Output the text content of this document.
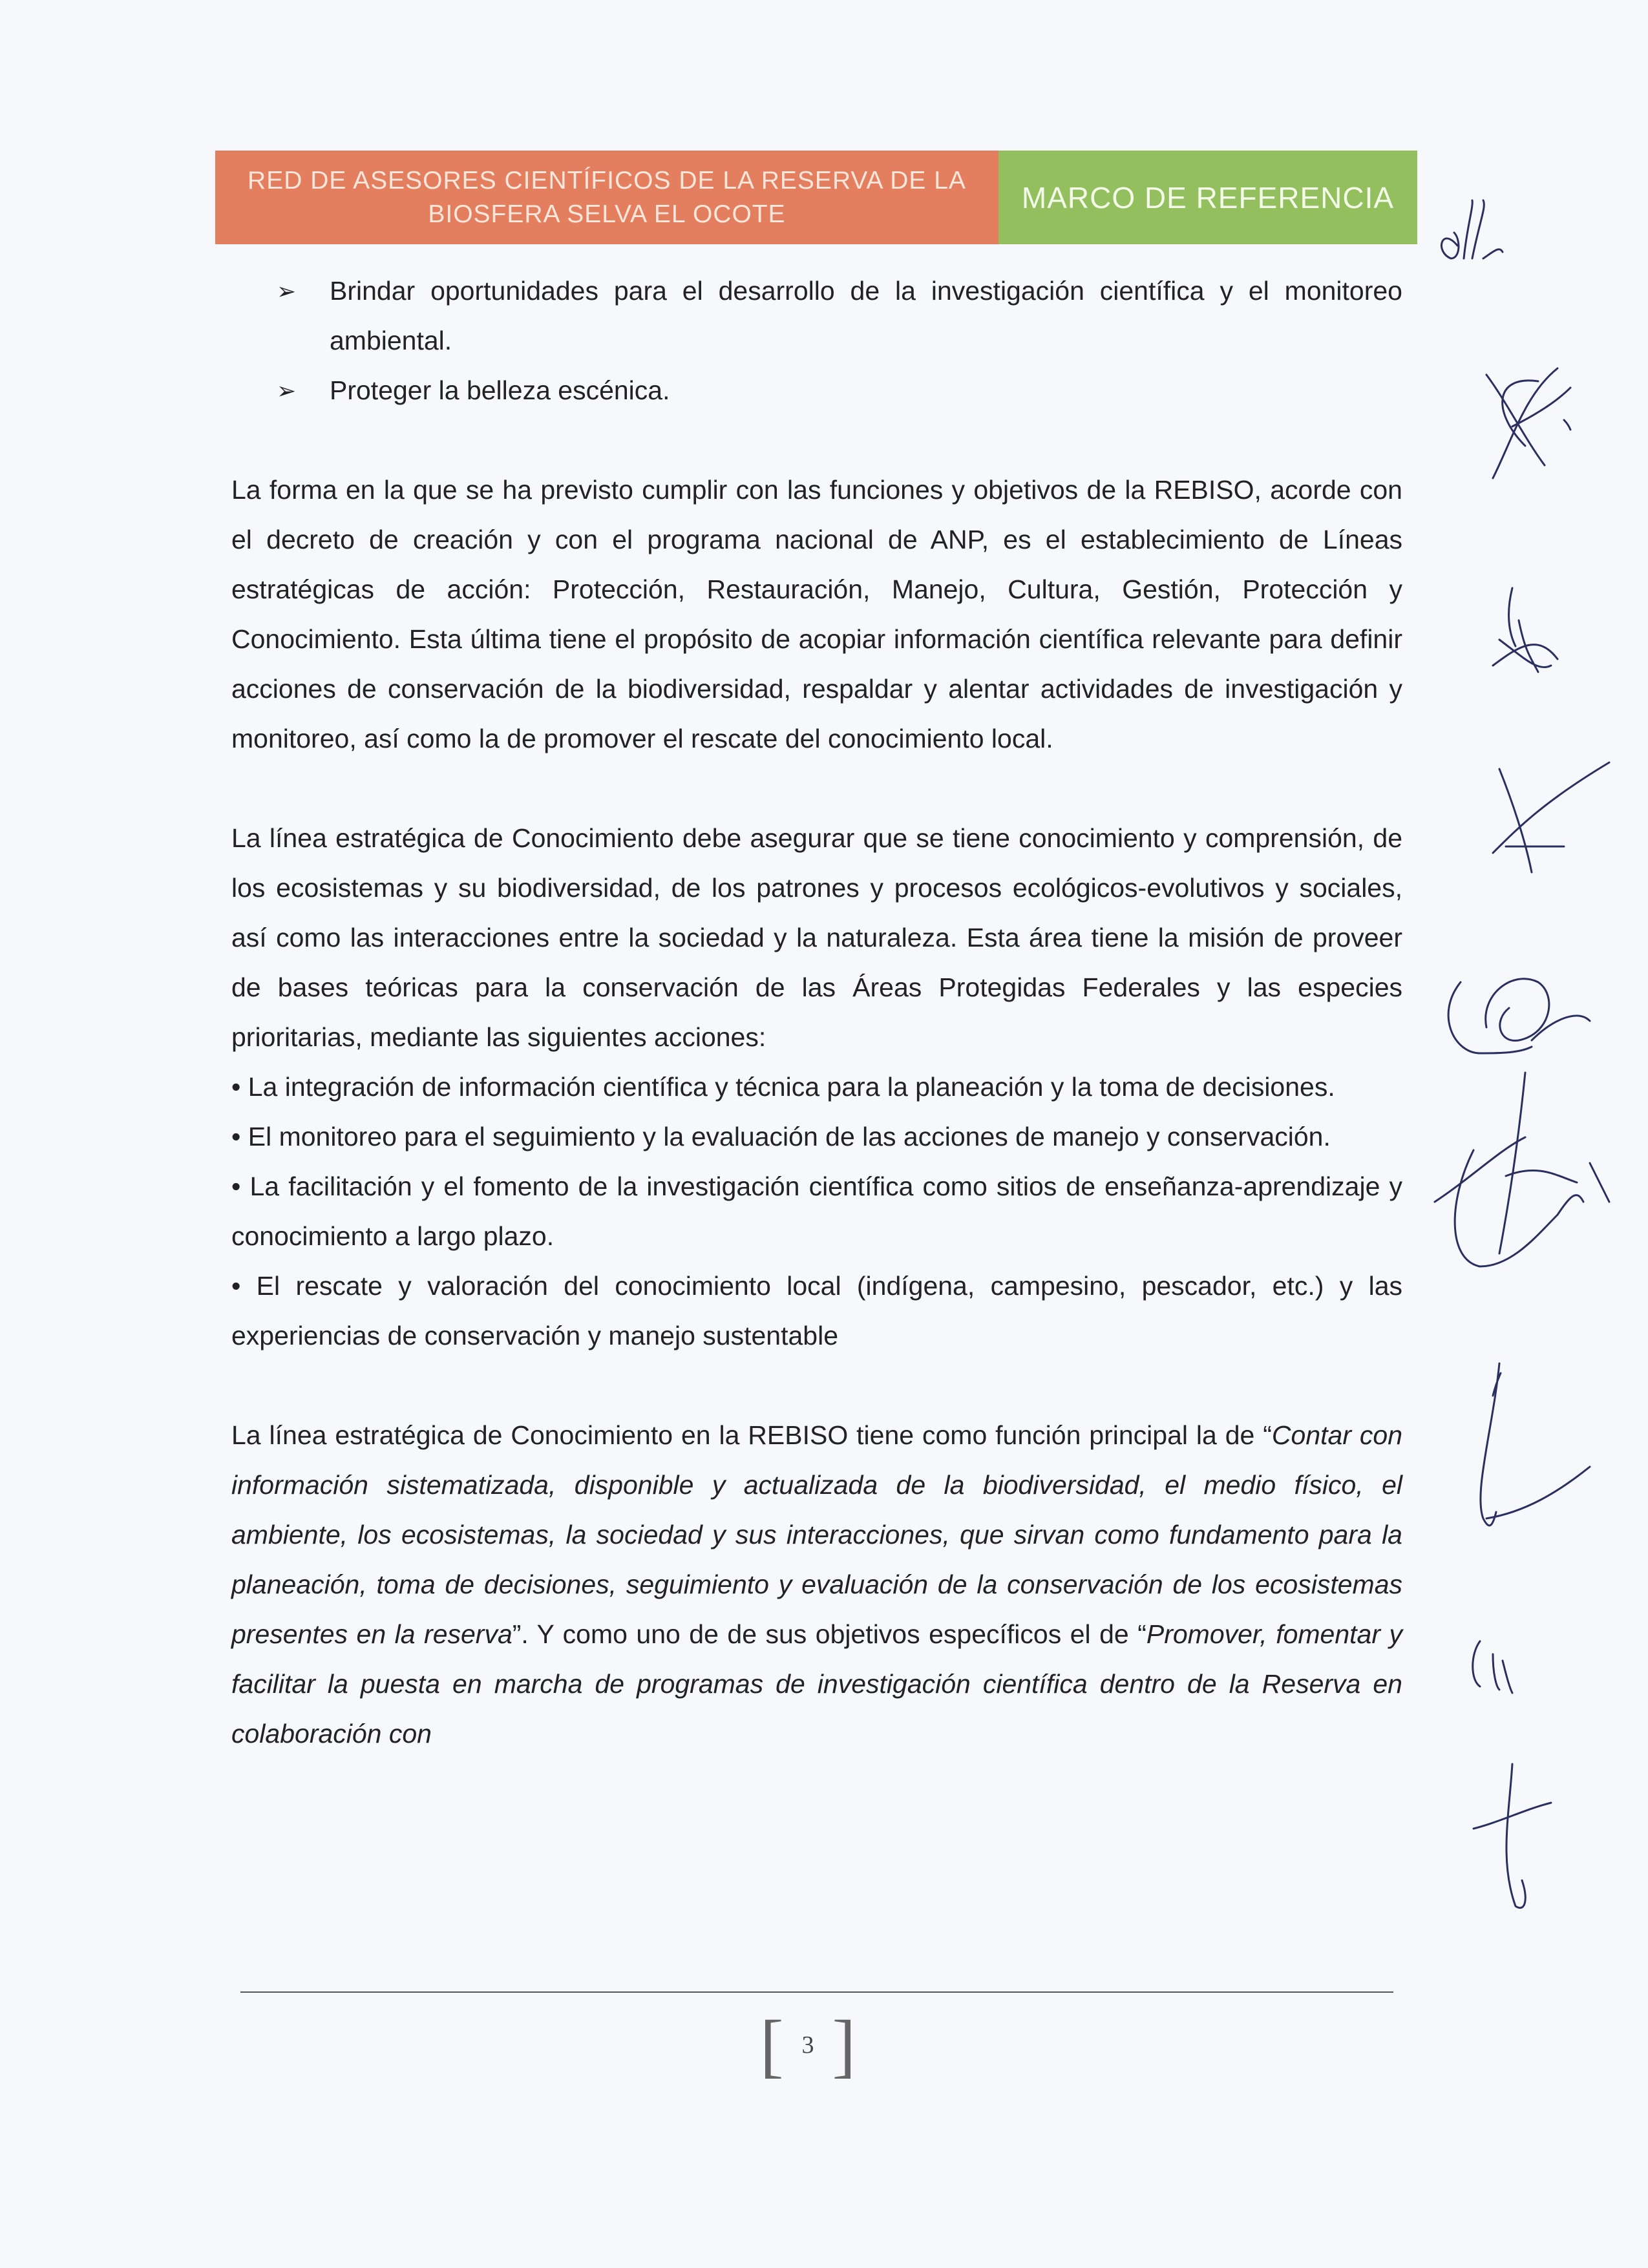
RED DE ASESORES CIENTÍFICOS DE LA RESERVA DE LA
BIOSFERA SELVA EL OCOTE	MARCO DE REFERENCIA

➢ Brindar oportunidades para el desarrollo de la investigación científica y el monitoreo ambiental.

➢ Proteger la belleza escénica.

La forma en la que se ha previsto cumplir con las funciones y objetivos de la REBISO, acorde con el decreto de creación y con el programa nacional de ANP, es el establecimiento de Líneas estratégicas de acción: Protección, Restauración, Manejo, Cultura, Gestión, Protección y Conocimiento. Esta última tiene el propósito de acopiar información científica relevante para definir acciones de conservación de la biodiversidad, respaldar y alentar actividades de investigación y monitoreo, así como la de promover el rescate del conocimiento local.

La línea estratégica de Conocimiento debe asegurar que se tiene conocimiento y comprensión, de los ecosistemas y su biodiversidad, de los patrones y procesos ecológicos-evolutivos y sociales, así como las interacciones entre la sociedad y la naturaleza. Esta área tiene la misión de proveer de bases teóricas para la conservación de las Áreas Protegidas Federales y las especies prioritarias, mediante las siguientes acciones:

• La integración de información científica y técnica para la planeación y la toma de decisiones.

• El monitoreo para el seguimiento y la evaluación de las acciones de manejo y conservación.

• La facilitación y el fomento de la investigación científica como sitios de enseñanza-aprendizaje y conocimiento a largo plazo.

• El rescate y valoración del conocimiento local (indígena, campesino, pescador, etc.) y las experiencias de conservación y manejo sustentable

La línea estratégica de Conocimiento en la REBISO tiene como función principal la de “Contar con información sistematizada, disponible y actualizada de la biodiversidad, el medio físico, el ambiente, los ecosistemas, la sociedad y sus interacciones, que sirvan como fundamento para la planeación, toma de decisiones, seguimiento y evaluación de la conservación de los ecosistemas presentes en la reserva”. Y como uno de de sus objetivos específicos el de “Promover, fomentar y facilitar la puesta en marcha de programas de investigación científica dentro de la Reserva en colaboración con

[ 3 ]
